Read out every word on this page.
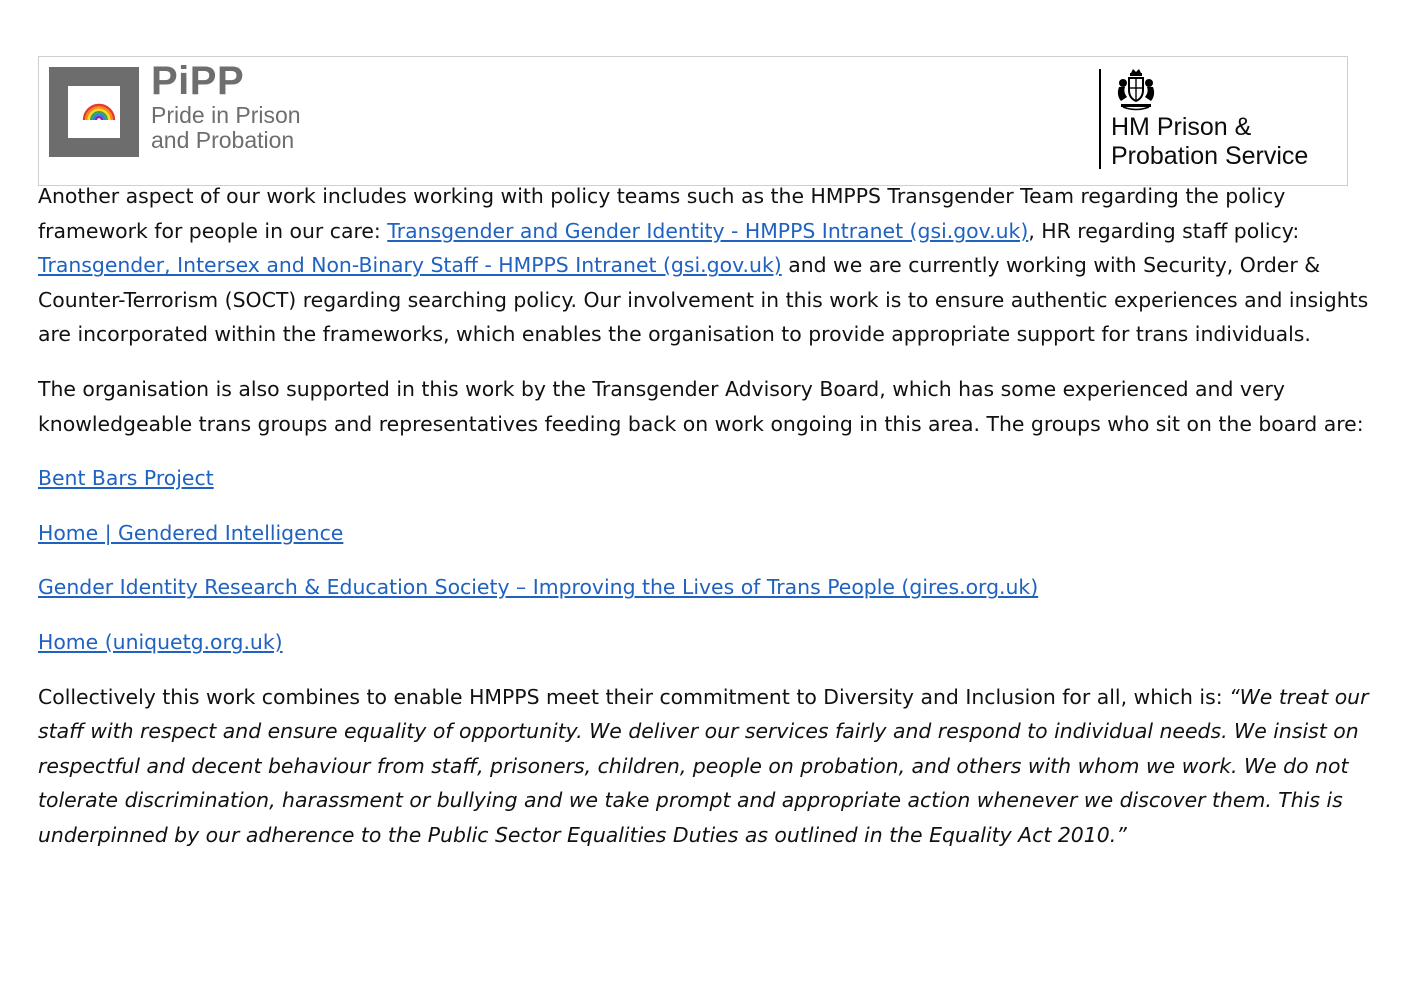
PiPP
Pride in Prison
and Probation	HM Prison &
Probation Service

Another aspect of our work includes working with policy teams such as the HMPPS Transgender Team regarding the policy framework for people in our care: Transgender and Gender Identity - HMPPS Intranet (gsi.gov.uk), HR regarding staff policy: Transgender, Intersex and Non-Binary Staff - HMPPS Intranet (gsi.gov.uk) and we are currently working with Security, Order & Counter-Terrorism (SOCT) regarding searching policy. Our involvement in this work is to ensure authentic experiences and insights are incorporated within the frameworks, which enables the organisation to provide appropriate support for trans individuals.

The organisation is also supported in this work by the Transgender Advisory Board, which has some experienced and very knowledgeable trans groups and representatives feeding back on work ongoing in this area. The groups who sit on the board are:

Bent Bars Project

Home | Gendered Intelligence

Gender Identity Research & Education Society – Improving the Lives of Trans People (gires.org.uk)

Home (uniquetg.org.uk)

Collectively this work combines to enable HMPPS meet their commitment to Diversity and Inclusion for all, which is: “We treat our staff with respect and ensure equality of opportunity. We deliver our services fairly and respond to individual needs. We insist on respectful and decent behaviour from staff, prisoners, children, people on probation, and others with whom we work. We do not tolerate discrimination, harassment or bullying and we take prompt and appropriate action whenever we discover them. This is underpinned by our adherence to the Public Sector Equalities Duties as outlined in the Equality Act 2010.”
